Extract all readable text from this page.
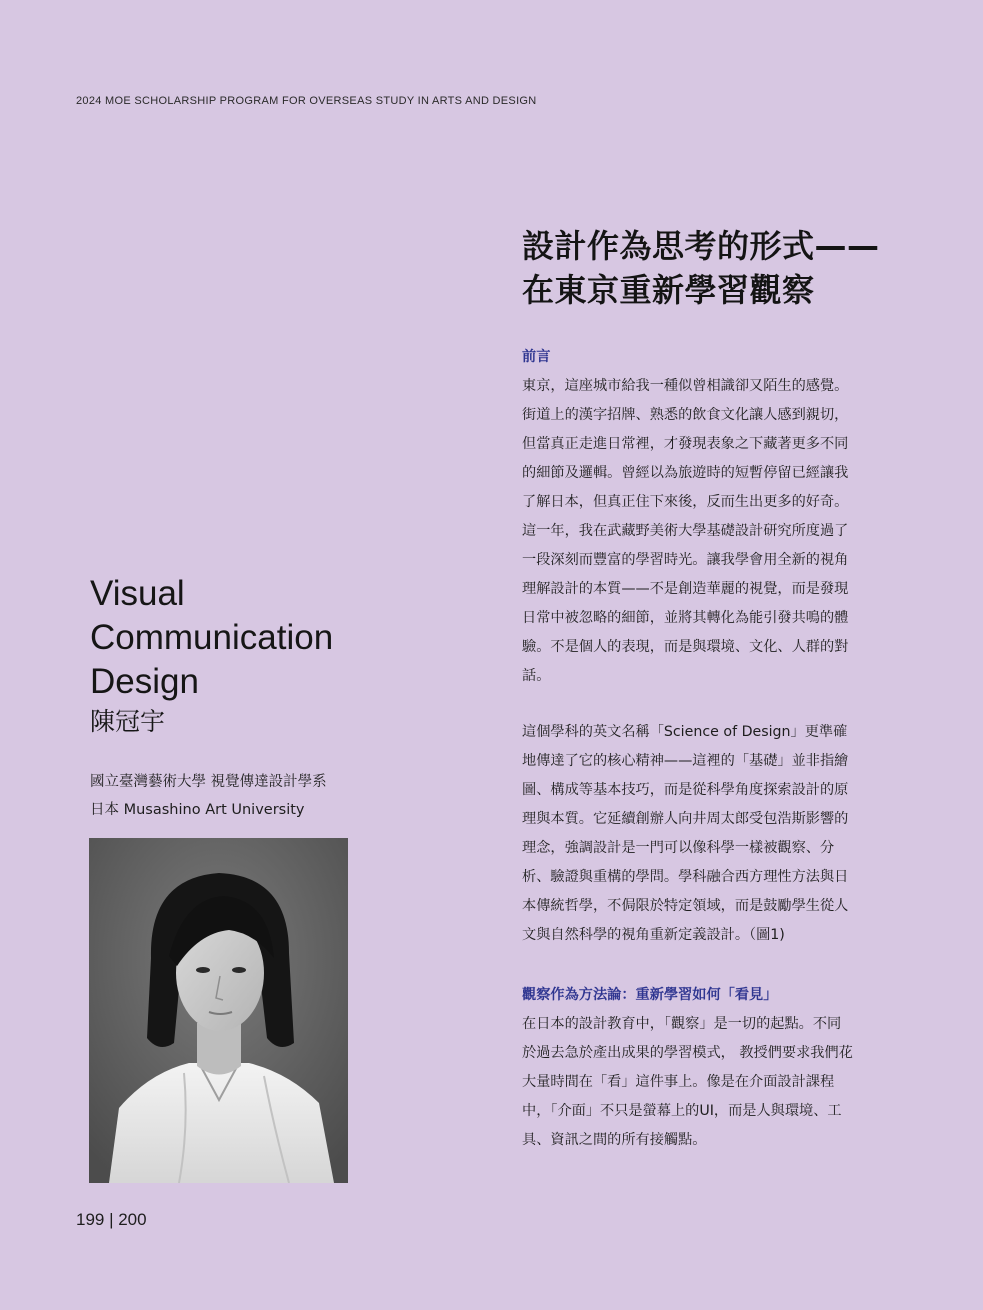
2024 MOE SCHOLARSHIP PROGRAM FOR OVERSEAS STUDY IN ARTS AND DESIGN
設計作為思考的形式——
在東京重新學習觀察
前言
東京，這座城市給我一種似曾相識卻又陌生的感覺。
街道上的漢字招牌、熟悉的飲食文化讓人感到親切，
但當真正走進日常裡，才發現表象之下藏著更多不同
的細節及邏輯。曾經以為旅遊時的短暫停留已經讓我
了解日本，但真正住下來後，反而生出更多的好奇。
這一年，我在武藏野美術大學基礎設計研究所度過了
一段深刻而豐富的學習時光。讓我學會用全新的視角
理解設計的本質——不是創造華麗的視覺，而是發現
日常中被忽略的細節，並將其轉化為能引發共鳴的體
驗。不是個人的表現，而是與環境、文化、人群的對
話。
這個學科的英文名稱「Science of Design」更準確
地傳達了它的核心精神——這裡的「基礎」並非指繪
圖、構成等基本技巧，而是從科學角度探索設計的原
理與本質。它延續創辦人向井周太郎受包浩斯影響的
理念，強調設計是一門可以像科學一樣被觀察、分
析、驗證與重構的學問。學科融合西方理性方法與日
本傳統哲學，不侷限於特定領域，而是鼓勵學生從人
文與自然科學的視角重新定義設計。（圖1)
觀察作為方法論：重新學習如何「看見」
在日本的設計教育中，「觀察」是一切的起點。不同
於過去急於產出成果的學習模式， 教授們要求我們花
大量時間在「看」這件事上。像是在介面設計課程
中，「介面」不只是螢幕上的UI，而是人與環境、工
具、資訊之間的所有接觸點。
Visual
Communication
Design
陳冠宇
國立臺灣藝術大學 視覺傳達設計學系
日本 Musashino Art University
199 | 200
